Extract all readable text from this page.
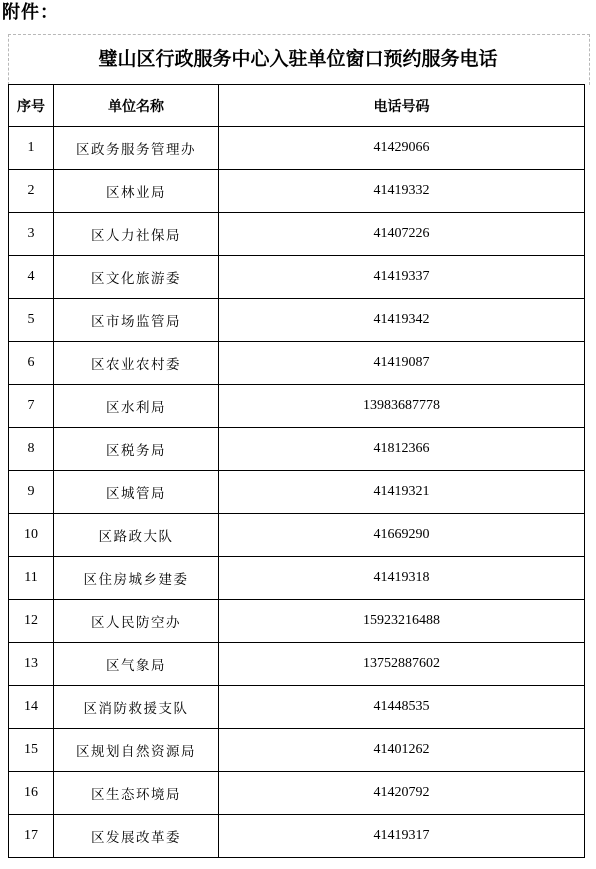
附件：
璧山区行政服务中心入驻单位窗口预约服务电话
序号	单位名称	电话号码
1	区政务服务管理办	41429066
2	区林业局	41419332
3	区人力社保局	41407226
4	区文化旅游委	41419337
5	区市场监管局	41419342
6	区农业农村委	41419087
7	区水利局	13983687778
8	区税务局	41812366
9	区城管局	41419321
10	区路政大队	41669290
11	区住房城乡建委	41419318
12	区人民防空办	15923216488
13	区气象局	13752887602
14	区消防救援支队	41448535
15	区规划自然资源局	41401262
16	区生态环境局	41420792
17	区发展改革委	41419317
